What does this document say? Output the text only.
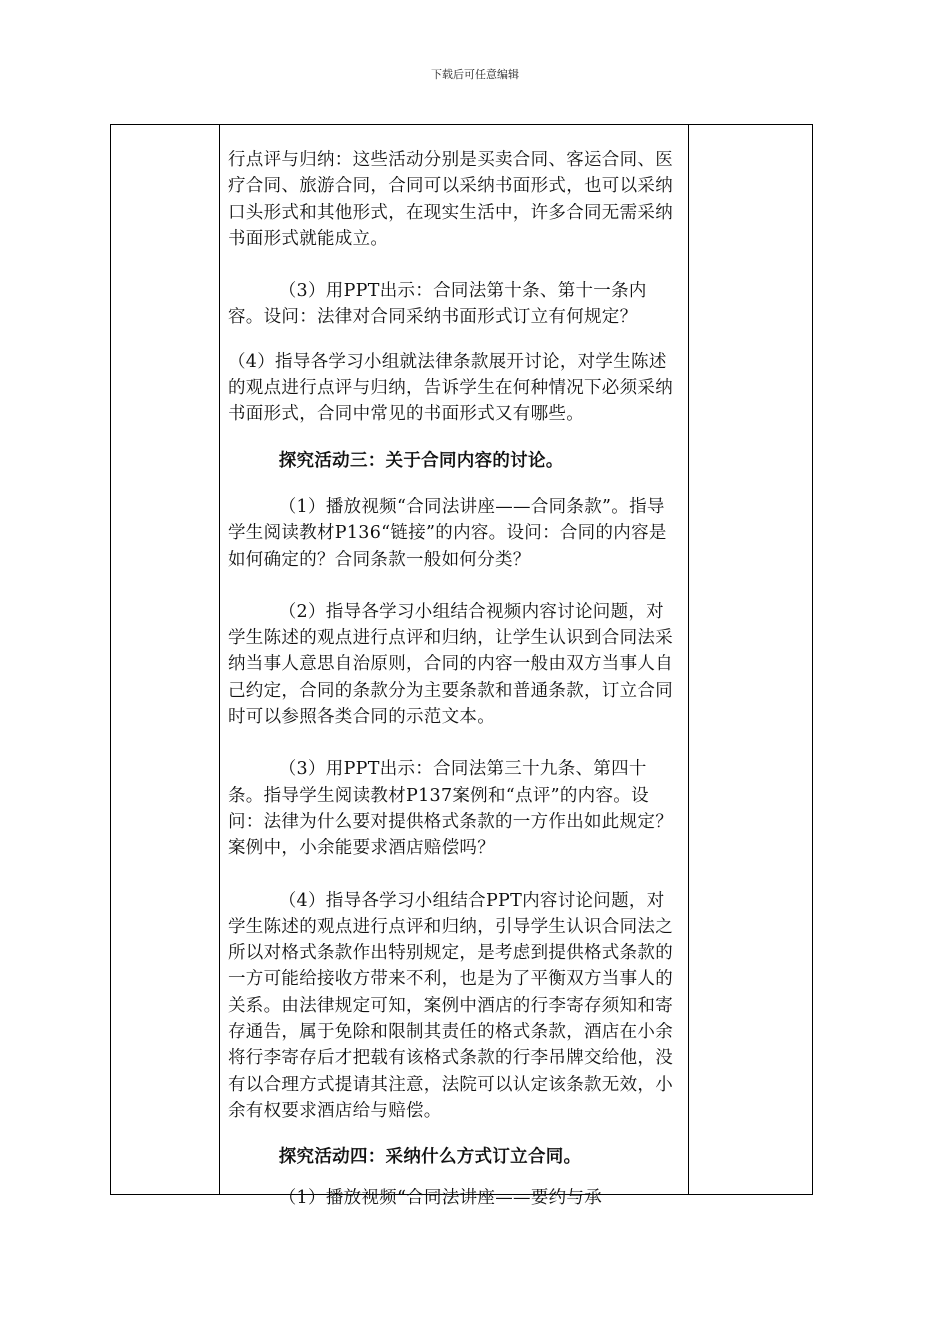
下载后可任意编辑

行点评与归纳：这些活动分别是买卖合同、客运合同、医疗合同、旅游合同，合同可以采纳书面形式，也可以采纳口头形式和其他形式，在现实生活中，许多合同无需采纳书面形式就能成立。

（3）用PPT出示：合同法第十条、第十一条内容。设问：法律对合同采纳书面形式订立有何规定？

（4）指导各学习小组就法律条款展开讨论，对学生陈述的观点进行点评与归纳，告诉学生在何种情况下必须采纳书面形式，合同中常见的书面形式又有哪些。

探究活动三：关于合同内容的讨论。

（1）播放视频“合同法讲座——合同条款”。指导学生阅读教材P136“链接”的内容。设问：合同的内容是如何确定的？合同条款一般如何分类？

（2）指导各学习小组结合视频内容讨论问题，对学生陈述的观点进行点评和归纳，让学生认识到合同法采纳当事人意思自治原则，合同的内容一般由双方当事人自己约定，合同的条款分为主要条款和普通条款，订立合同时可以参照各类合同的示范文本。

（3）用PPT出示：合同法第三十九条、第四十条。指导学生阅读教材P137案例和“点评”的内容。设问：法律为什么要对提供格式条款的一方作出如此规定？案例中，小余能要求酒店赔偿吗？

（4）指导各学习小组结合PPT内容讨论问题，对学生陈述的观点进行点评和归纳，引导学生认识合同法之所以对格式条款作出特别规定，是考虑到提供格式条款的一方可能给接收方带来不利，也是为了平衡双方当事人的关系。由法律规定可知，案例中酒店的行李寄存须知和寄存通告，属于免除和限制其责任的格式条款，酒店在小余将行李寄存后才把载有该格式条款的行李吊牌交给他，没有以合理方式提请其注意，法院可以认定该条款无效，小余有权要求酒店给与赔偿。

探究活动四：采纳什么方式订立合同。

（1）播放视频“合同法讲座——要约与承
